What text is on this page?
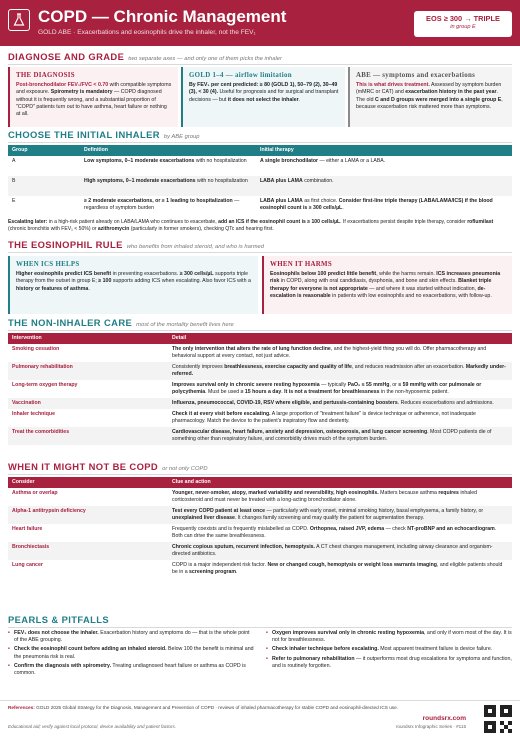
COPD — Chronic Management
GOLD ABE · Exacerbations and eosinophils drive the inhaler, not the FEV₁
EOS ≥ 300 → TRIPLE
in group E
DIAGNOSE AND GRADE two separate axes — and only one of them picks the inhaler
THE DIAGNOSIS

Post-bronchodilator FEV₁/FVC < 0.70 with compatible symptoms and exposure. Spirometry is mandatory — COPD diagnosed without it is frequently wrong, and a substantial proportion of "COPD" patients turn out to have asthma, heart failure or nothing at all.

GOLD 1–4 — airflow limitation

By FEV₁ per cent predicted: ≥ 80 (GOLD 1), 50–79 (2), 30–49 (3), < 30 (4). Useful for prognosis and for surgical and transplant decisions — but it does not select the inhaler.

ABE — symptoms and exacerbations

This is what drives treatment. Assessed by symptom burden (mMRC or CAT) and exacerbation history in the past year. The old C and D groups were merged into a single group E, because exacerbation risk mattered more than symptoms.

CHOOSE THE INITIAL INHALER by ABE group
Group	Definition	Initial therapy
A	Low symptoms, 0–1 moderate exacerbations with no hospitalization	A single bronchodilator — either a LAMA or a LABA.
B	High symptoms, 0–1 moderate exacerbations with no hospitalization	LABA plus LAMA combination.
E	≥ 2 moderate exacerbations, or ≥ 1 leading to hospitalization — regardless of symptom burden	LABA plus LAMA as first choice. Consider first-line triple therapy (LABA/LAMA/ICS) if the blood eosinophil count is ≥ 300 cells/µL.
Escalating later: in a high-risk patient already on LABA/LAMA who continues to exacerbate, add an ICS if the eosinophil count is ≥ 100 cells/µL. If exacerbations persist despite triple therapy, consider roflumilast (chronic bronchitis with FEV₁ < 50%) or azithromycin (particularly in former smokers), checking QTc and hearing first.
THE EOSINOPHIL RULE who benefits from inhaled steroid, and who is harmed
WHEN ICS HELPS

Higher eosinophils predict ICS benefit in preventing exacerbations. ≥ 300 cells/µL supports triple therapy from the outset in group E; ≥ 100 supports adding ICS when escalating. Also favor ICS with a history or features of asthma.

WHEN IT HARMS

Eosinophils below 100 predict little benefit, while the harms remain. ICS increases pneumonia risk in COPD, along with oral candidiasis, dysphonia, and bone and skin effects. Blanket triple therapy for everyone is not appropriate — and where it was started without indication, de-escalation is reasonable in patients with low eosinophils and no exacerbations, with follow-up.

THE NON-INHALER CARE most of the mortality benefit lives here
Intervention	Detail
Smoking cessation	The only intervention that alters the rate of lung function decline, and the highest-yield thing you will do. Offer pharmacotherapy and behavioral support at every contact, not just advice.
Pulmonary rehabilitation	Consistently improves breathlessness, exercise capacity and quality of life, and reduces readmission after an exacerbation. Markedly under-referred.
Long-term oxygen therapy	Improves survival only in chronic severe resting hypoxemia — typically PaO₂ ≤ 55 mmHg, or ≤ 59 mmHg with cor pulmonale or polycythemia. Must be used ≥ 15 hours a day. It is not a treatment for breathlessness in the non-hypoxemic patient.
Vaccination	Influenza, pneumococcal, COVID-19, RSV where eligible, and pertussis-containing boosters. Reduces exacerbations and admissions.
Inhaler technique	Check it at every visit before escalating. A large proportion of "treatment failure" is device technique or adherence, not inadequate pharmacology. Match the device to the patient's inspiratory flow and dexterity.
Treat the comorbidities	Cardiovascular disease, heart failure, anxiety and depression, osteoporosis, and lung cancer screening. Most COPD patients die of something other than respiratory failure, and comorbidity drives much of the symptom burden.
WHEN IT MIGHT NOT BE COPD or not only COPD
Consider	Clue and action
Asthma or overlap	Younger, never-smoker, atopy, marked variability and reversibility, high eosinophils. Matters because asthma requires inhaled corticosteroid and must never be treated with a long-acting bronchodilator alone.
Alpha-1 antitrypsin deficiency	Test every COPD patient at least once — particularly with early onset, minimal smoking history, basal emphysema, a family history, or unexplained liver disease. It changes family screening and may qualify the patient for augmentation therapy.
Heart failure	Frequently coexists and is frequently mislabelled as COPD. Orthopnea, raised JVP, edema — check NT-proBNP and an echocardiogram. Both can drive the same breathlessness.
Bronchiectasis	Chronic copious sputum, recurrent infection, hemoptysis. A CT chest changes management, including airway clearance and organism-directed antibiotics.
Lung cancer	COPD is a major independent risk factor. New or changed cough, hemoptysis or weight loss warrants imaging, and eligible patients should be in a screening program.
PEARLS & PITFALLS
• FEV₁ does not choose the inhaler. Exacerbation history and symptoms do — that is the whole point of the ABE grouping.
• Check the eosinophil count before adding an inhaled steroid. Below 100 the benefit is minimal and the pneumonia risk is real.
• Confirm the diagnosis with spirometry. Treating undiagnosed heart failure or asthma as COPD is common.
• Oxygen improves survival only in chronic resting hypoxemia, and only if worn most of the day. It is not for breathlessness.
• Check inhaler technique before escalating. Most apparent treatment failure is device failure.
• Refer to pulmonary rehabilitation — it outperforms most drug escalations for symptoms and function, and is routinely forgotten.
References: GOLD 2025 Global Strategy for the Diagnosis, Management and Prevention of COPD · reviews of inhaled pharmacotherapy for stable COPD and eosinophil-directed ICS use.
Educational aid; verify against local protocol, device availability and patient factors.
roundsrx.com
roundsrx Infographic Series · #115
